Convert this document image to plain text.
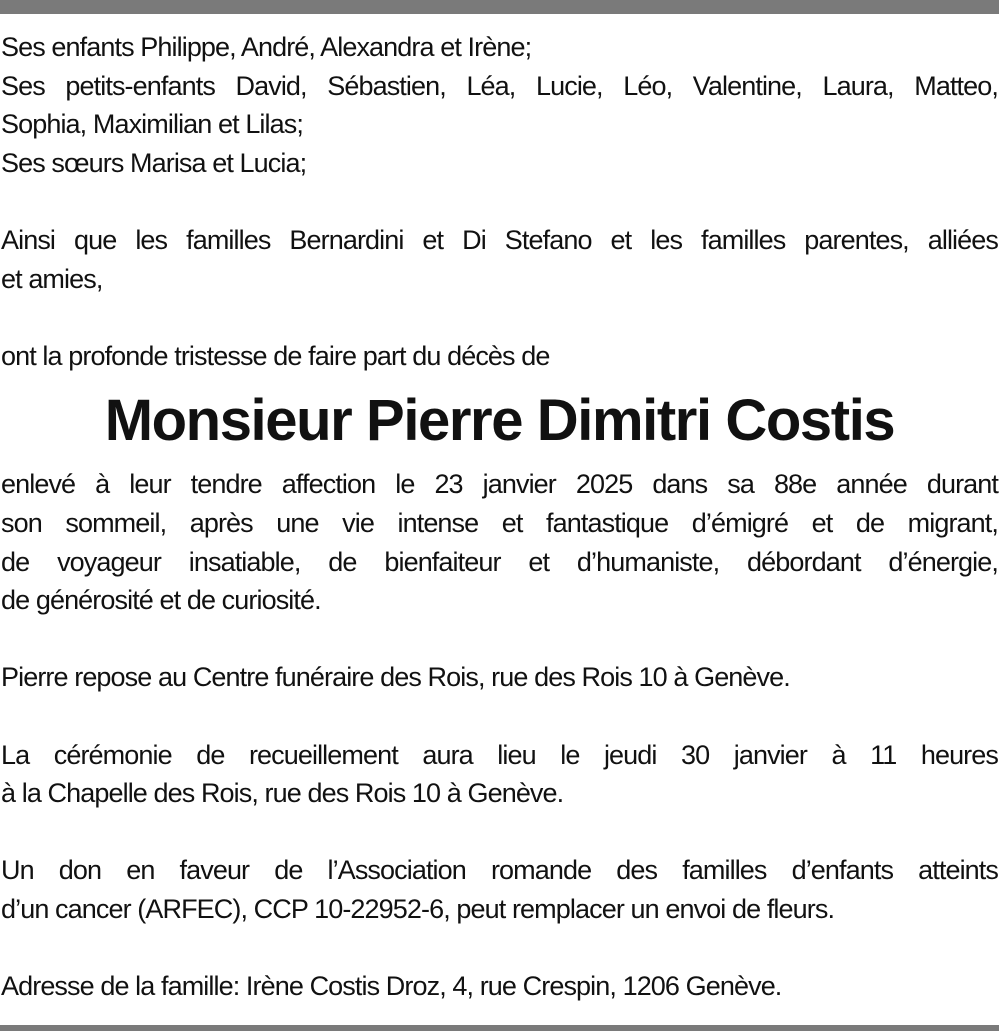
Ses enfants Philippe, André, Alexandra et Irène;

Ses petits-enfants David, Sébastien, Léa, Lucie, Léo, Valentine, Laura, Matteo,

Sophia, Maximilian et Lilas;

Ses sœurs Marisa et Lucia;

Ainsi que les familles Bernardini et Di Stefano et les familles parentes, alliées

et amies,

ont la profonde tristesse de faire part du décès de

Monsieur Pierre Dimitri Costis

enlevé à leur tendre affection le 23 janvier 2025 dans sa 88e année durant

son sommeil, après une vie intense et fantastique d’émigré et de migrant,

de voyageur insatiable, de bienfaiteur et d’humaniste, débordant d’énergie,

de générosité et de curiosité.

Pierre repose au Centre funéraire des Rois, rue des Rois 10 à Genève.

La cérémonie de recueillement aura lieu le jeudi 30 janvier à 11 heures

à la Chapelle des Rois, rue des Rois 10 à Genève.

Un don en faveur de l’Association romande des familles d’enfants atteints

d’un cancer (ARFEC), CCP 10-22952-6, peut remplacer un envoi de fleurs.

Adresse de la famille: Irène Costis Droz, 4, rue Crespin, 1206 Genève.
